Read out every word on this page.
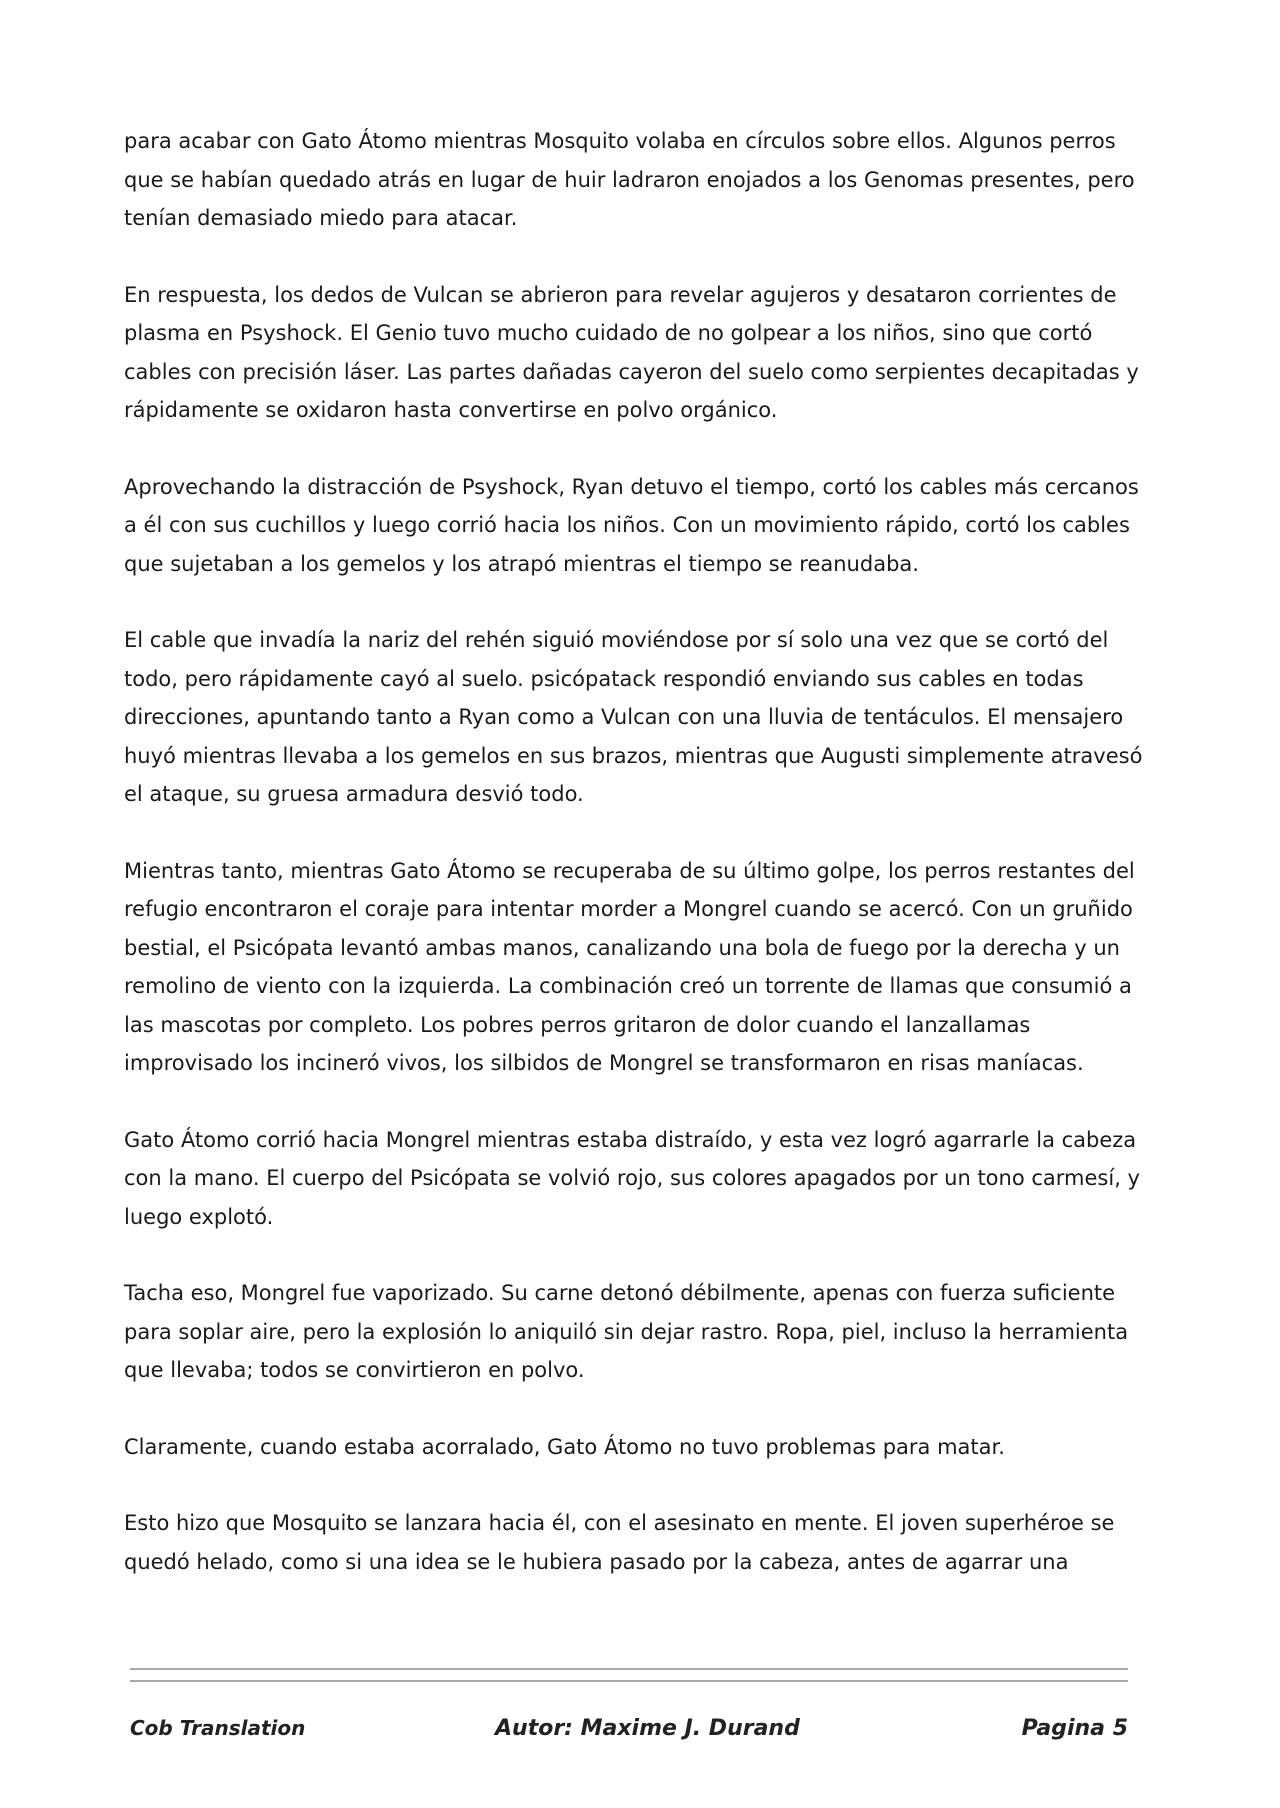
para acabar con Gato Átomo mientras Mosquito volaba en círculos sobre ellos. Algunos perros que se habían quedado atrás en lugar de huir ladraron enojados a los Genomas presentes, pero tenían demasiado miedo para atacar.

En respuesta, los dedos de Vulcan se abrieron para revelar agujeros y desataron corrientes de plasma en Psyshock. El Genio tuvo mucho cuidado de no golpear a los niños, sino que cortó cables con precisión láser. Las partes dañadas cayeron del suelo como serpientes decapitadas y rápidamente se oxidaron hasta convertirse en polvo orgánico.

Aprovechando la distracción de Psyshock, Ryan detuvo el tiempo, cortó los cables más cercanos a él con sus cuchillos y luego corrió hacia los niños. Con un movimiento rápido, cortó los cables que sujetaban a los gemelos y los atrapó mientras el tiempo se reanudaba.

El cable que invadía la nariz del rehén siguió moviéndose por sí solo una vez que se cortó del todo, pero rápidamente cayó al suelo. psicópatack respondió enviando sus cables en todas direcciones, apuntando tanto a Ryan como a Vulcan con una lluvia de tentáculos. El mensajero huyó mientras llevaba a los gemelos en sus brazos, mientras que Augusti simplemente atravesó el ataque, su gruesa armadura desvió todo.

Mientras tanto, mientras Gato Átomo se recuperaba de su último golpe, los perros restantes del refugio encontraron el coraje para intentar morder a Mongrel cuando se acercó. Con un gruñido bestial, el Psicópata levantó ambas manos, canalizando una bola de fuego por la derecha y un remolino de viento con la izquierda. La combinación creó un torrente de llamas que consumió a las mascotas por completo. Los pobres perros gritaron de dolor cuando el lanzallamas improvisado los incineró vivos, los silbidos de Mongrel se transformaron en risas maníacas.

Gato Átomo corrió hacia Mongrel mientras estaba distraído, y esta vez logró agarrarle la cabeza con la mano. El cuerpo del Psicópata se volvió rojo, sus colores apagados por un tono carmesí, y luego explotó.

Tacha eso, Mongrel fue vaporizado. Su carne detonó débilmente, apenas con fuerza suficiente para soplar aire, pero la explosión lo aniquiló sin dejar rastro. Ropa, piel, incluso la herramienta que llevaba; todos se convirtieron en polvo.

Claramente, cuando estaba acorralado, Gato Átomo no tuvo problemas para matar.

Esto hizo que Mosquito se lanzara hacia él, con el asesinato en mente. El joven superhéroe se quedó helado, como si una idea se le hubiera pasado por la cabeza, antes de agarrar una

Cob Translation	Autor: Maxime J. Durand	Pagina 5
